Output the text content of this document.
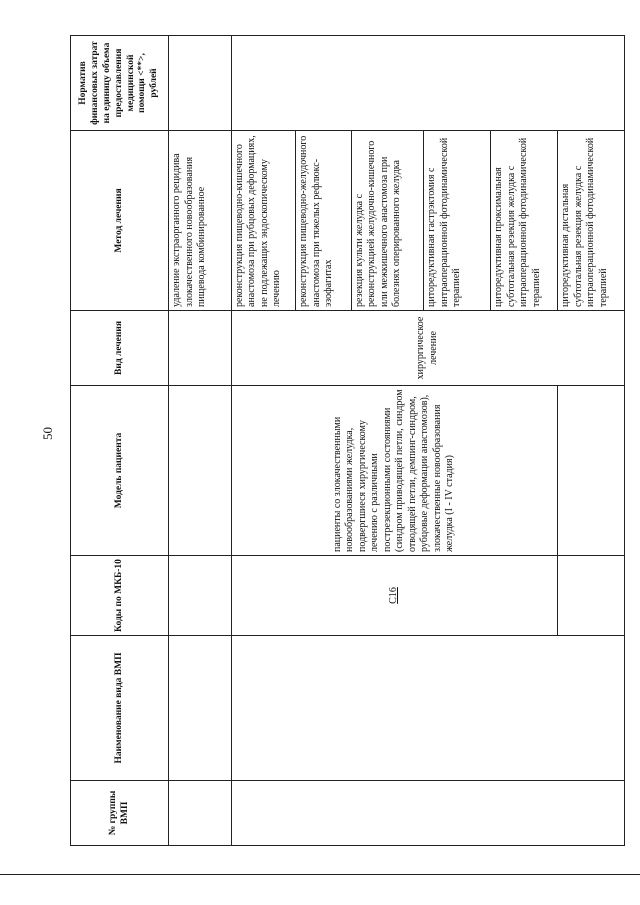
50
№ группы ВМП	Наименование вида ВМП	Коды по МКБ-10	Модель пациента	Вид лечения	Метод лечения	Норматив финансовых затрат на единицу объема предоставления медицинской помощи <**>, рублей
					удаление экстраорганного рецидива злокачественного новообразования пищевода комбинированное	
		C16	пациенты со злокачественными новообразованиями желудка, подвергшиеся хирургическому лечению с различными пострезекционными состояниями (синдром приводящей петли, синдром отводящей петли, демпинг-синдром, рубцовые деформации анастомозов), злокачественные новообразования желудка (I - IV стадия)	хирургическое лечение	реконструкция пищеводно-кишечного анастомоза при рубцовых деформациях, не подлежащих эндоскопическому лечению	
					реконструкция пищеводно-желудочного анастомоза при тяжелых рефлюкс-эзофагитах	
					резекция культи желудка с реконструкцией желудочно-кишечного или межкишечного анастомоза при болезнях оперированного желудка	
					циторедуктивная гастрэктомия с интраоперационной фотодинамической терапией	
					циторедуктивная проксимальная субтотальная резекция желудка с интраоперационной фотодинамической терапией	
					циторедуктивная дистальная субтотальная резекция желудка с интраоперационной фотодинамической терапией	
